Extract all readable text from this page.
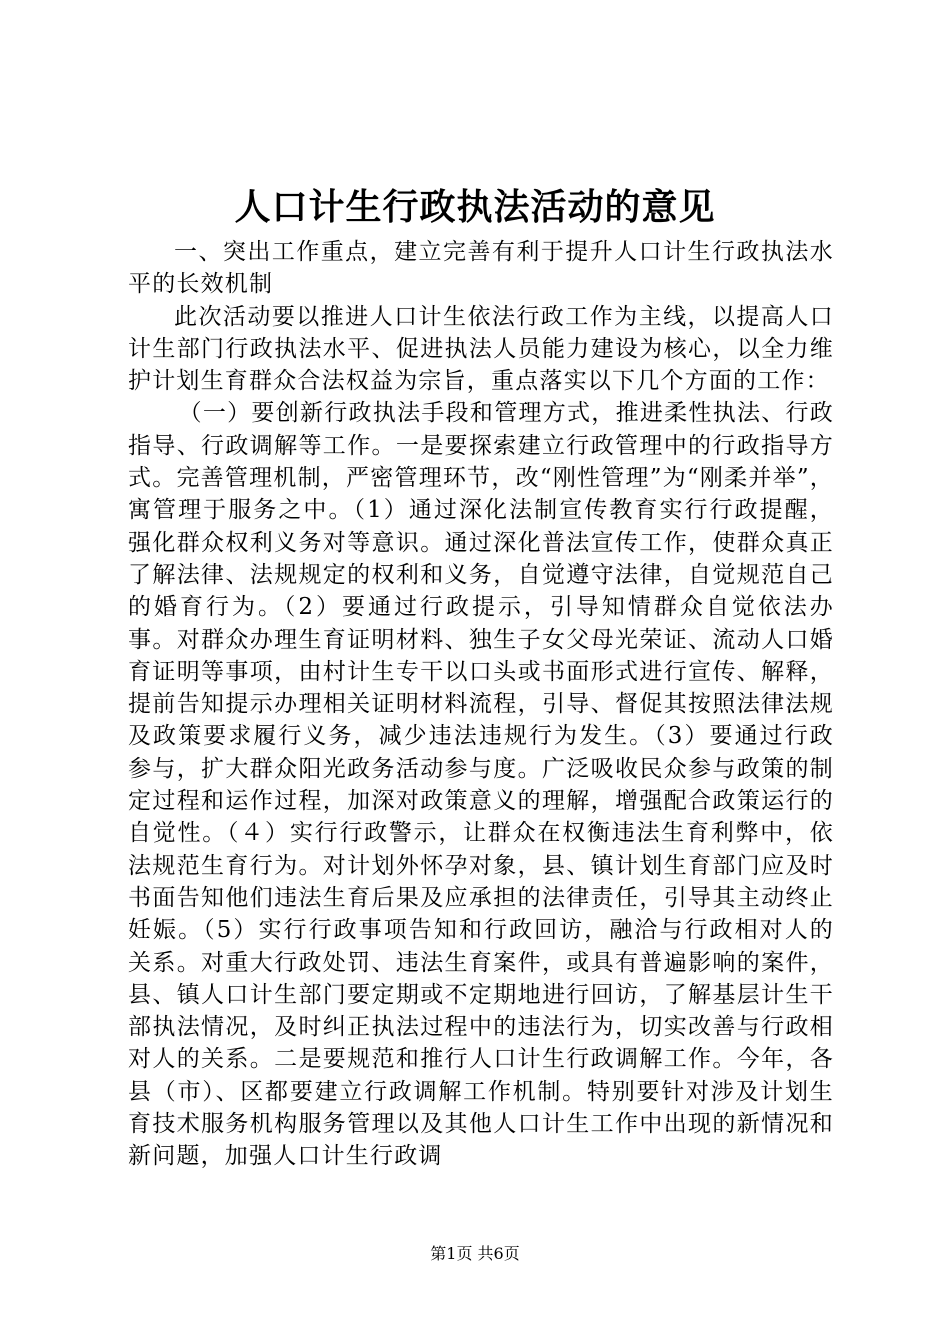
人口计生行政执法活动的意见

一、突出工作重点，建立完善有利于提升人口计生行政执法水平的长效机制

此次活动要以推进人口计生依法行政工作为主线，以提高人口计生部门行政执法水平、促进执法人员能力建设为核心，以全力维护计划生育群众合法权益为宗旨，重点落实以下几个方面的工作：

（一）要创新行政执法手段和管理方式，推进柔性执法、行政指导、行政调解等工作。一是要探索建立行政管理中的行政指导方式。完善管理机制，严密管理环节，改“刚性管理”为“刚柔并举”，寓管理于服务之中。（1）通过深化法制宣传教育实行行政提醒，强化群众权利义务对等意识。通过深化普法宣传工作，使群众真正了解法律、法规规定的权利和义务，自觉遵守法律，自觉规范自己的婚育行为。（2）要通过行政提示，引导知情群众自觉依法办事。对群众办理生育证明材料、独生子女父母光荣证、流动人口婚育证明等事项，由村计生专干以口头或书面形式进行宣传、解释，提前告知提示办理相关证明材料流程，引导、督促其按照法律法规及政策要求履行义务，减少违法违规行为发生。（3）要通过行政参与，扩大群众阳光政务活动参与度。广泛吸收民众参与政策的制定过程和运作过程，加深对政策意义的理解，增强配合政策运行的自觉性。（４）实行行政警示，让群众在权衡违法生育利弊中，依法规范生育行为。对计划外怀孕对象，县、镇计划生育部门应及时书面告知他们违法生育后果及应承担的法律责任，引导其主动终止妊娠。（5）实行行政事项告知和行政回访，融洽与行政相对人的关系。对重大行政处罚、违法生育案件，或具有普遍影响的案件，县、镇人口计生部门要定期或不定期地进行回访，了解基层计生干部执法情况，及时纠正执法过程中的违法行为，切实改善与行政相对人的关系。二是要规范和推行人口计生行政调解工作。今年，各县（市）、区都要建立行政调解工作机制。特别要针对涉及计划生育技术服务机构服务管理以及其他人口计生工作中出现的新情况和新问题，加强人口计生行政调

第1页 共6页
